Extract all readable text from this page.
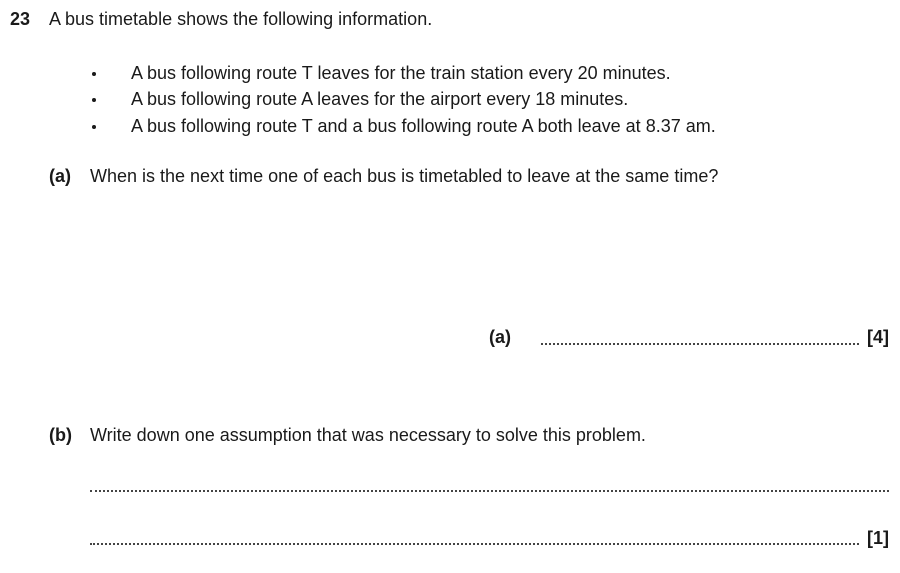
23 A bus timetable shows the following information.
A bus following route T leaves for the train station every 20 minutes.
A bus following route A leaves for the airport every 18 minutes.
A bus following route T and a bus following route A both leave at 8.37 am.
(a) When is the next time one of each bus is timetabled to leave at the same time?
(a)	[4]
(b) Write down one assumption that was necessary to solve this problem.
[1]
